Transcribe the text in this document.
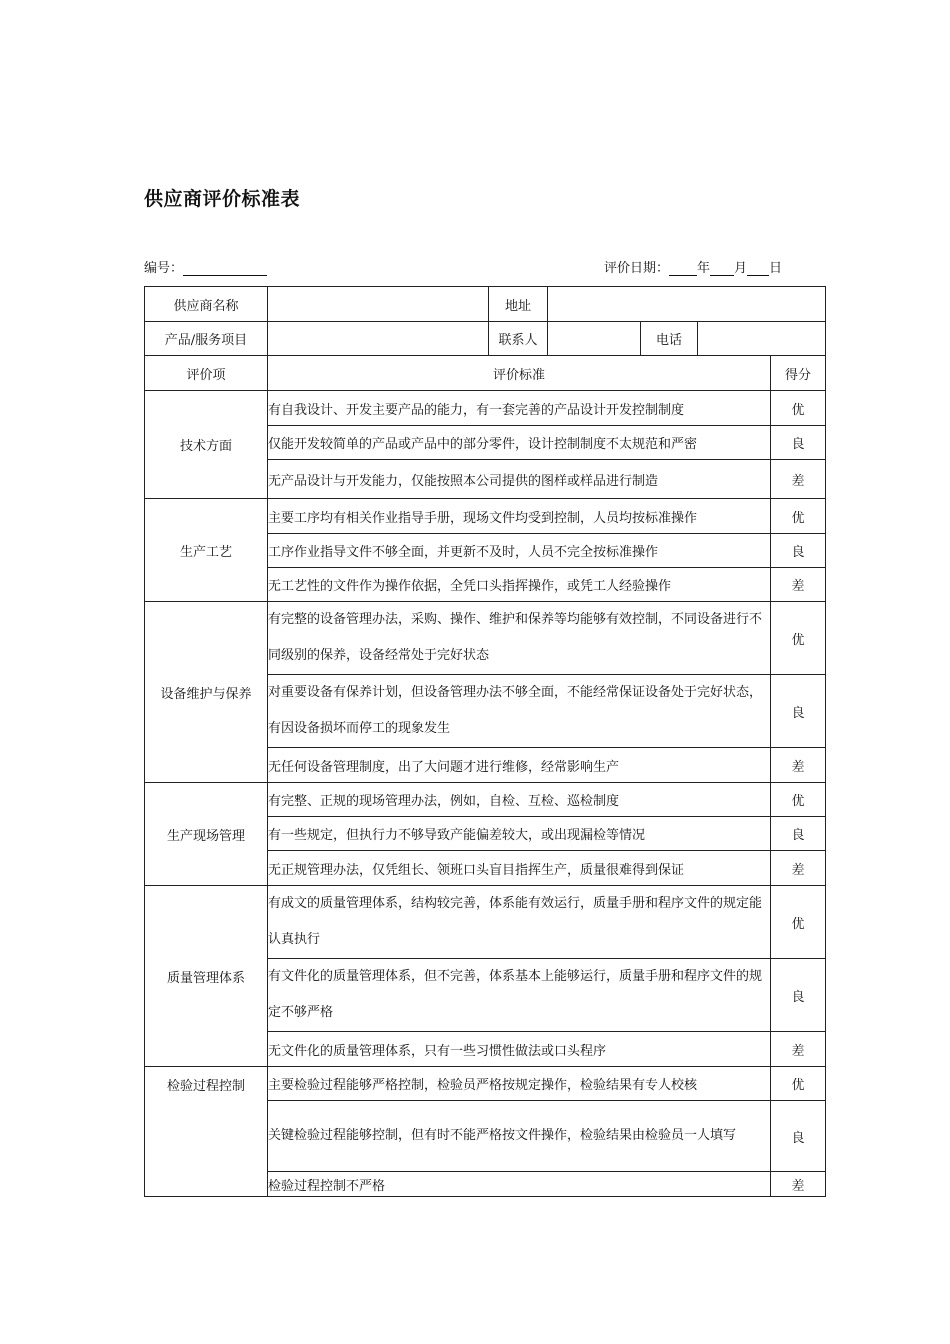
供应商评价标准表
编号：	评价日期： 年 月 日
供应商名称		地址				
产品/服务项目		联系人		电话		
评价项	评价标准					得分
技术方面	有自我设计、开发主要产品的能力，有一套完善的产品设计开发控制制度					优
	仅能开发较简单的产品或产品中的部分零件，设计控制制度不太规范和严密					良
	无产品设计与开发能力，仅能按照本公司提供的图样或样品进行制造					差
生产工艺	主要工序均有相关作业指导手册，现场文件均受到控制，人员均按标准操作					优
	工序作业指导文件不够全面，并更新不及时，人员不完全按标准操作					良
	无工艺性的文件作为操作依据，全凭口头指挥操作，或凭工人经验操作					差
设备维护与保养	有完整的设备管理办法，采购、操作、维护和保养等均能够有效控制，不同设备进行不同级别的保养，设备经常处于完好状态					优
	对重要设备有保养计划，但设备管理办法不够全面，不能经常保证设备处于完好状态，有因设备损坏而停工的现象发生					良
	无任何设备管理制度，出了大问题才进行维修，经常影响生产					差
生产现场管理	有完整、正规的现场管理办法，例如，自检、互检、巡检制度					优
	有一些规定，但执行力不够导致产能偏差较大，或出现漏检等情况					良
	无正规管理办法，仅凭组长、领班口头盲目指挥生产，质量很难得到保证					差
质量管理体系	有成文的质量管理体系，结构较完善，体系能有效运行，质量手册和程序文件的规定能认真执行					优
	有文件化的质量管理体系，但不完善，体系基本上能够运行，质量手册和程序文件的规定不够严格					良
	无文件化的质量管理体系，只有一些习惯性做法或口头程序					差
检验过程控制	主要检验过程能够严格控制，检验员严格按规定操作，检验结果有专人校核					优
	关键检验过程能够控制，但有时不能严格按文件操作，检验结果由检验员一人填写					良
	检验过程控制不严格					差
